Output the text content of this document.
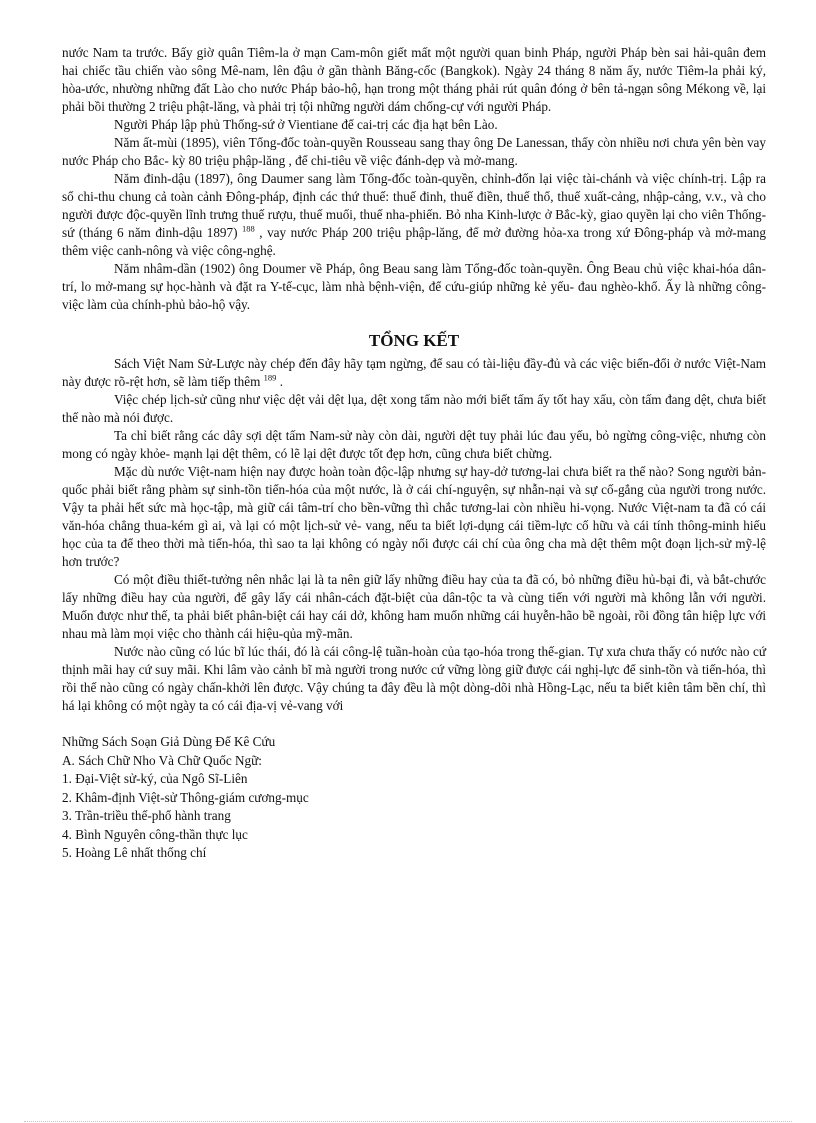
nước Nam ta trước. Bấy giờ quân Tiêm-la ở mạn Cam-môn giết mất một người quan binh Pháp, người Pháp bèn sai hải-quân đem hai chiếc tầu chiến vào sông Mê-nam, lên đậu ở gần thành Băng-cốc (Bangkok). Ngày 24 tháng 8 năm ấy, nước Tiêm-la phải ký, hòa-ước, nhường những đất Lào cho nước Pháp bảo-hộ, hạn trong một tháng phải rút quân đóng ở bên tả-ngạn sông Mékong về, lại phải bồi thường 2 triệu phật-lăng, và phải trị tội những người dám chống-cự với người Pháp.

Người Pháp lập phủ Thống-sứ ở Vientiane để cai-trị các địa hạt bên Lào.

Năm ất-mùi (1895), viên Tổng-đốc toàn-quyền Rousseau sang thay ông De Lanessan, thấy còn nhiều nơi chưa yên bèn vay nước Pháp cho Bắc- kỳ 80 triệu phập-lăng , để chi-tiêu về việc đánh-dẹp và mở-mang.

Năm đinh-dậu (1897), ông Daumer sang làm Tổng-đốc toàn-quyền, chỉnh-đốn lại việc tài-chánh và việc chính-trị. Lập ra sổ chi-thu chung cả toàn cảnh Đông-pháp, định các thứ thuế: thuế đinh, thuế điền, thuế thổ, thuế xuất-cảng, nhập-cảng, v.v., và cho người được độc-quyền lĩnh trưng thuế rượu, thuế muối, thuế nha-phiến. Bỏ nha Kinh-lược ở Bắc-kỳ, giao quyền lại cho viên Thống-sứ (tháng 6 năm đinh-dậu 1897) $^{188}$ , vay nước Pháp 200 triệu phập-lăng, để mở đường hỏa-xa trong xứ Đông-pháp và mở-mang thêm việc canh-nông và việc công-nghệ.

Năm nhâm-dần (1902) ông Doumer về Pháp, ông Beau sang làm Tổng-đốc toàn-quyền. Ông Beau chủ việc khai-hóa dân-trí, lo mở-mang sự học-hành và đặt ra Y-tế-cục, làm nhà bệnh-viện, để cứu-giúp những kẻ yếu- đau nghèo-khổ. Ấy là những công-việc làm của chính-phủ bảo-hộ vậy.

TỔNG KẾT

Sách Việt Nam Sử-Lược này chép đến đây hãy tạm ngừng, để sau có tài-liệu đầy-đủ và các việc biến-đổi ở nước Việt-Nam này được rõ-rệt hơn, sẽ làm tiếp thêm $^{189}$ .

Việc chép lịch-sử cũng như việc dệt vải dệt lụa, dệt xong tấm nào mới biết tấm ấy tốt hay xấu, còn tấm đang dệt, chưa biết thế nào mà nói được.

Ta chỉ biết rằng các dây sợi dệt tấm Nam-sử này còn dài, người dệt tuy phải lúc đau yếu, bỏ ngừng công-việc, nhưng còn mong có ngày khỏe- mạnh lại dệt thêm, có lẽ lại dệt được tốt đẹp hơn, cũng chưa biết chừng.

Mặc dù nước Việt-nam hiện nay được hoàn toàn độc-lập nhưng sự hay-dở tương-lai chưa biết ra thế nào? Song người bản-quốc phải biết rằng phàm sự sinh-tồn tiến-hóa của một nước, là ở cái chí-nguyện, sự nhẫn-nại và sự cố-gắng của người trong nước. Vậy ta phải hết sức mà học-tập, mà giữ cái tâm-trí cho bền-vững thì chắc tương-lai còn nhiều hi-vọng. Nước Việt-nam ta đã có cái văn-hóa chẳng thua-kém gì ai, và lại có một lịch-sử vẻ- vang, nếu ta biết lợi-dụng cái tiềm-lực cố hữu và cái tính thông-minh hiếu học của ta để theo thời mà tiến-hóa, thì sao ta lại không có ngày nối được cái chí của ông cha mà dệt thêm một đoạn lịch-sử mỹ-lệ hơn trước?

Có một điều thiết-tưởng nên nhắc lại là ta nên giữ lấy những điều hay của ta đã có, bỏ những điều hủ-bại đi, và bắt-chước lấy những điều hay của người, để gây lấy cái nhân-cách đặt-biệt của dân-tộc ta và cùng tiến với người mà không lẫn với người. Muốn được như thế, ta phải biết phân-biệt cái hay cái dở, không ham muốn những cái huyễn-hão bề ngoài, rồi đồng tân hiệp lực với nhau mà làm mọi việc cho thành cái hiệu-qủa mỹ-mãn.

Nước nào cũng có lúc bĩ lúc thái, đó là cái công-lệ tuần-hoàn của tạo-hóa trong thế-gian. Tự xưa chưa thấy có nước nào cứ thịnh mãi hay cứ suy mãi. Khi lâm vào cảnh bĩ mà người trong nước cứ vững lòng giữ được cái nghị-lực để sinh-tồn và tiến-hóa, thì rồi thế nào cũng có ngày chấn-khởi lên được. Vậy chúng ta đây đều là một dòng-dõi nhà Hồng-Lạc, nếu ta biết kiên tâm bền chí, thì há lại không có một ngày ta có cái địa-vị vẻ-vang với

Những Sách Soạn Giả Dùng Để Kê Cứu
A. Sách Chữ Nho Và Chữ Quốc Ngữ:
1. Đại-Việt sử-ký, của Ngô Sĩ-Liên
2. Khâm-định Việt-sử Thông-giám cương-mục
3. Trần-triều thế-phổ hành trang
4. Bình Nguyên công-thần thực lục
5. Hoàng Lê nhất thống chí
